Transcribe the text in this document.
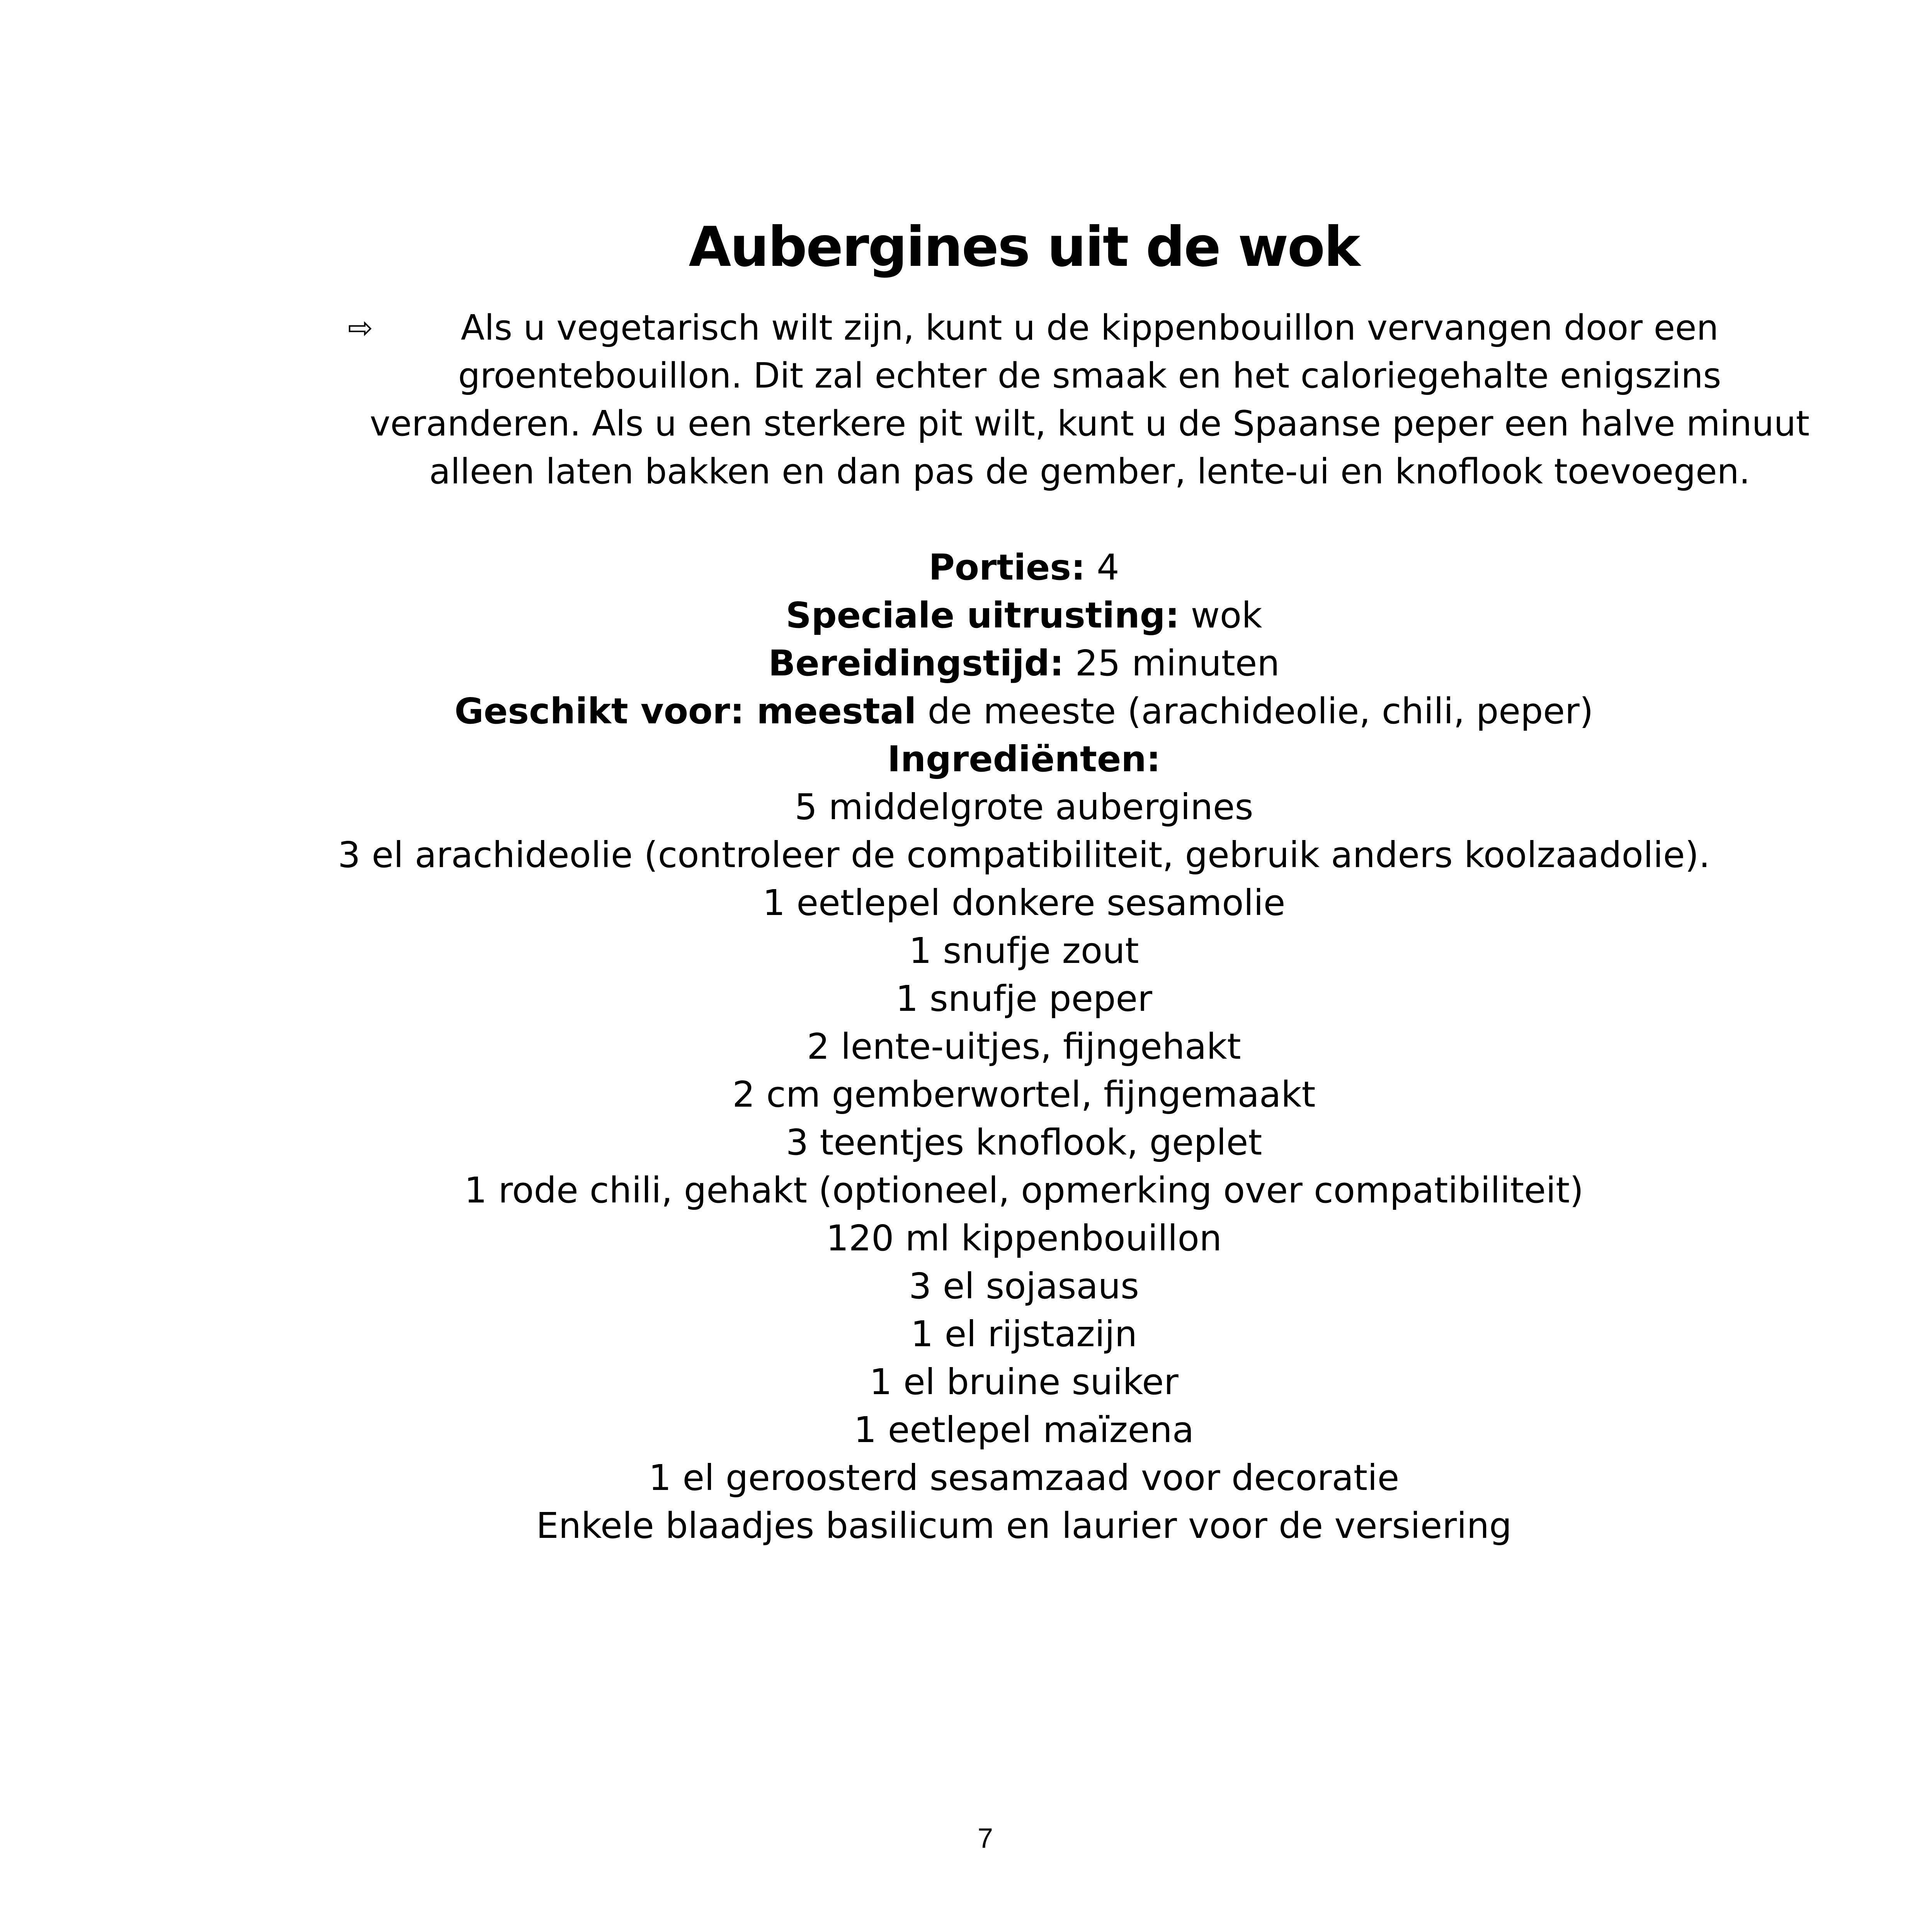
Aubergines uit de wok
⇨	Als u vegetarisch wilt zijn, kunt u de kippenbouillon vervangen door een groentebouillon. Dit zal echter de smaak en het caloriegehalte enigszins veranderen. Als u een sterkere pit wilt, kunt u de Spaanse peper een halve minuut alleen laten bakken en dan pas de gember, lente-ui en knoflook toevoegen.
Porties: 4
Speciale uitrusting: wok
Bereidingstijd: 25 minuten
Geschikt voor: meestal de meeste (arachideolie, chili, peper)
Ingrediënten:
5 middelgrote aubergines
3 el arachideolie (controleer de compatibiliteit, gebruik anders koolzaadolie).
1 eetlepel donkere sesamolie
1 snufje zout
1 snufje peper
2 lente-uitjes, fijngehakt
2 cm gemberwortel, fijngemaakt
3 teentjes knoflook, geplet
1 rode chili, gehakt (optioneel, opmerking over compatibiliteit)
120 ml kippenbouillon
3 el sojasaus
1 el rijstazijn
1 el bruine suiker
1 eetlepel maïzena
1 el geroosterd sesamzaad voor decoratie
Enkele blaadjes basilicum en laurier voor de versiering
7
